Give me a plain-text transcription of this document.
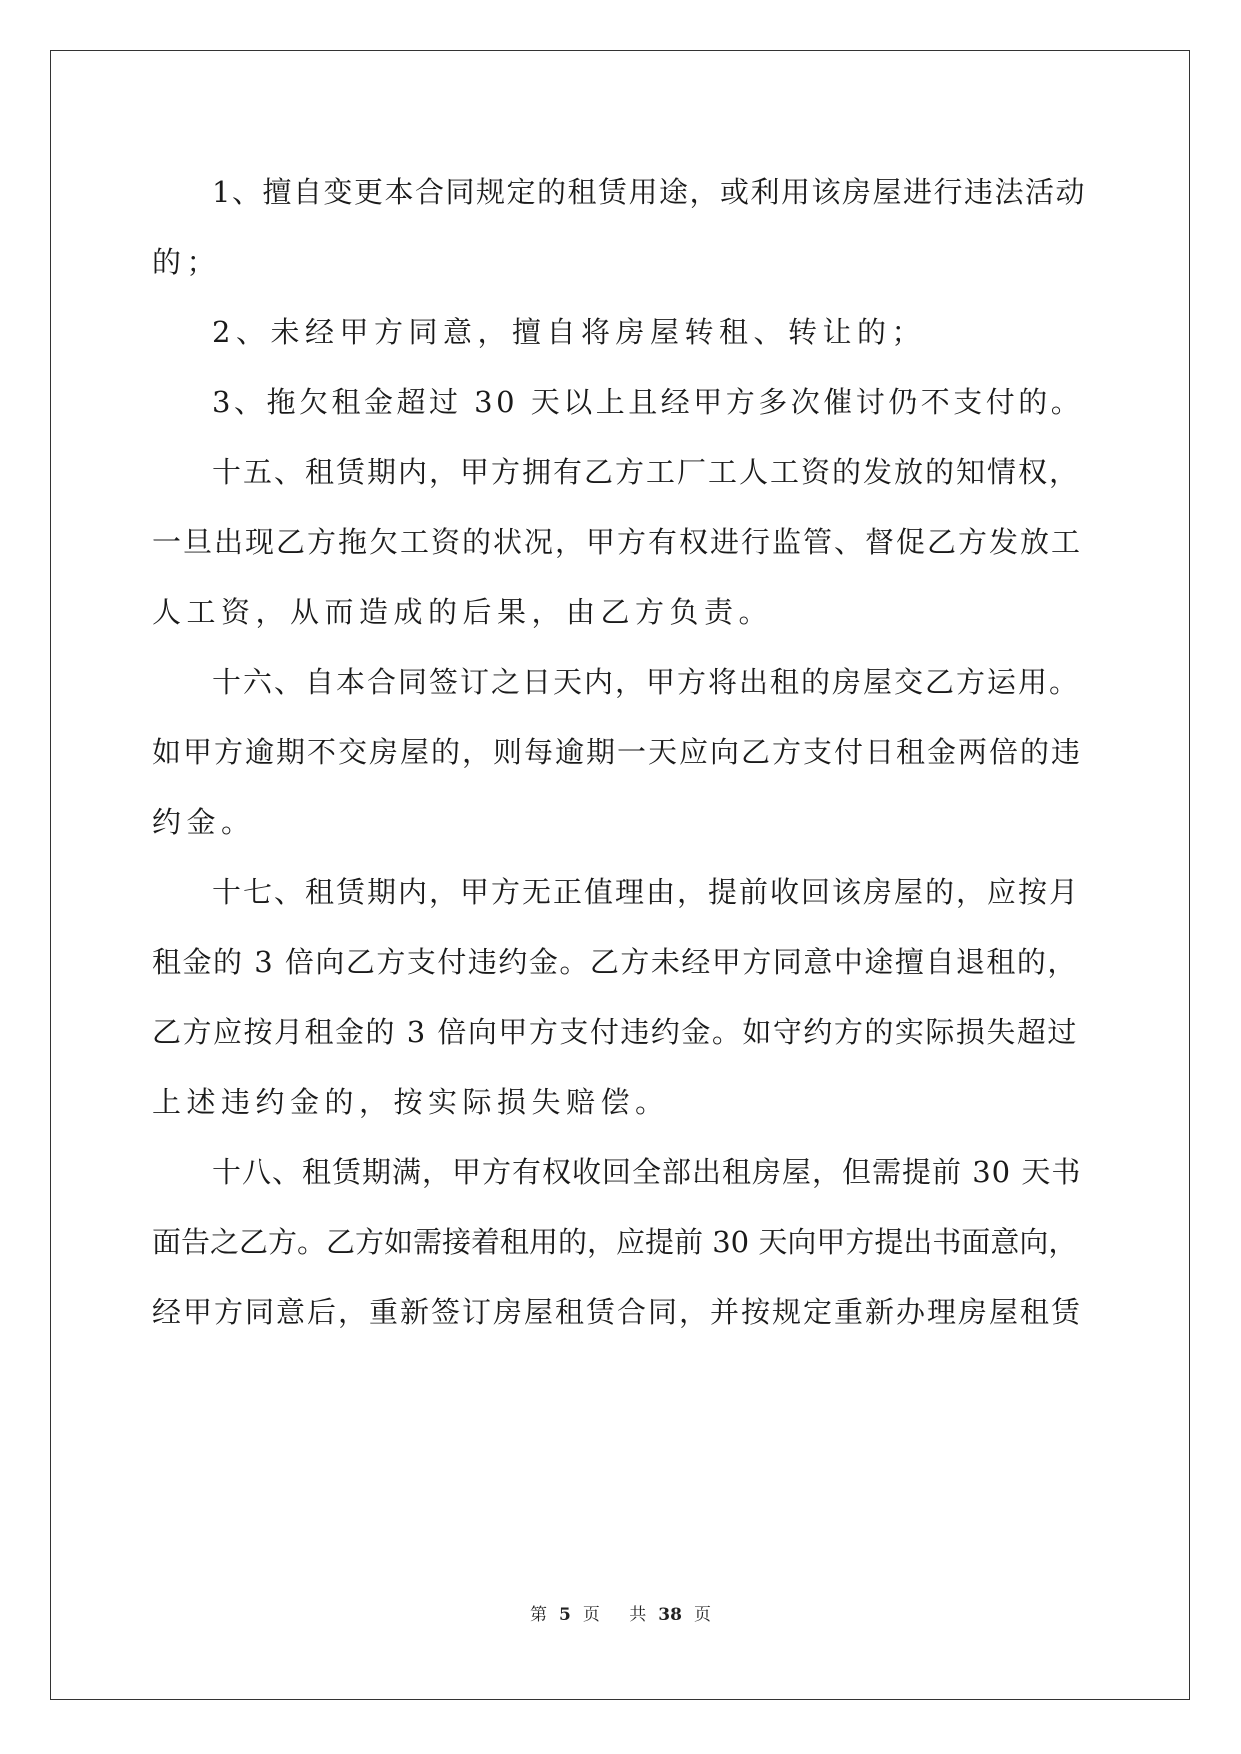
1、擅自变更本合同规定的租赁用途，或利用该房屋进行违法活动
的；
2、未经甲方同意，擅自将房屋转租、转让的；
3、拖欠租金超过 30 天以上且经甲方多次催讨仍不支付的。
十五、租赁期内，甲方拥有乙方工厂工人工资的发放的知情权，
一旦出现乙方拖欠工资的状况，甲方有权进行监管、督促乙方发放工
人工资，从而造成的后果，由乙方负责。
十六、自本合同签订之日天内，甲方将出租的房屋交乙方运用。
如甲方逾期不交房屋的，则每逾期一天应向乙方支付日租金两倍的违
约金。
十七、租赁期内，甲方无正值理由，提前收回该房屋的，应按月
租金的 3 倍向乙方支付违约金。乙方未经甲方同意中途擅自退租的，
乙方应按月租金的 3 倍向甲方支付违约金。如守约方的实际损失超过
上述违约金的，按实际损失赔偿。
十八、租赁期满，甲方有权收回全部出租房屋，但需提前 30 天书
面告之乙方。乙方如需接着租用的，应提前 30 天向甲方提出书面意向，
经甲方同意后，重新签订房屋租赁合同，并按规定重新办理房屋租赁
第 5 页 共 38 页
